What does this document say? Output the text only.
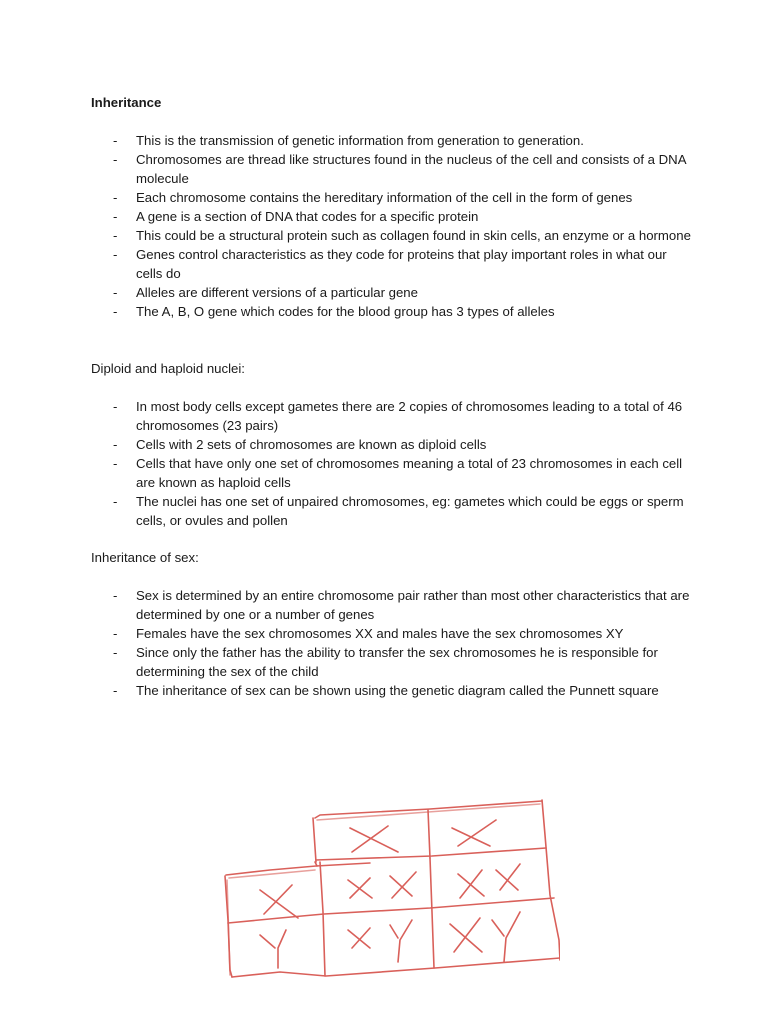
Inheritance

- This is the transmission of genetic information from generation to generation.
- Chromosomes are thread like structures found in the nucleus of the cell and consists of a DNA molecule
- Each chromosome contains the hereditary information of the cell in the form of genes
- A gene is a section of DNA that codes for a specific protein
- This could be a structural protein such as collagen found in skin cells, an enzyme or a hormone
- Genes control characteristics as they code for proteins that play important roles in what our cells do
- Alleles are different versions of a particular gene
- The A, B, O gene which codes for the blood group has 3 types of alleles

Diploid and haploid nuclei:

- In most body cells except gametes there are 2 copies of chromosomes leading to a total of 46 chromosomes (23 pairs)
- Cells with 2 sets of chromosomes are known as diploid cells
- Cells that have only one set of chromosomes meaning a total of 23 chromosomes in each cell are known as haploid cells
- The nuclei has one set of unpaired chromosomes, eg: gametes which could be eggs or sperm cells, or ovules and pollen

Inheritance of sex:

- Sex is determined by an entire chromosome pair rather than most other characteristics that are determined by one or a number of genes
- Females have the sex chromosomes XX and males have the sex chromosomes XY
- Since only the father has the ability to transfer the sex chromosomes he is responsible for determining the sex of the child
- The inheritance of sex can be shown using the genetic diagram called the Punnett square
